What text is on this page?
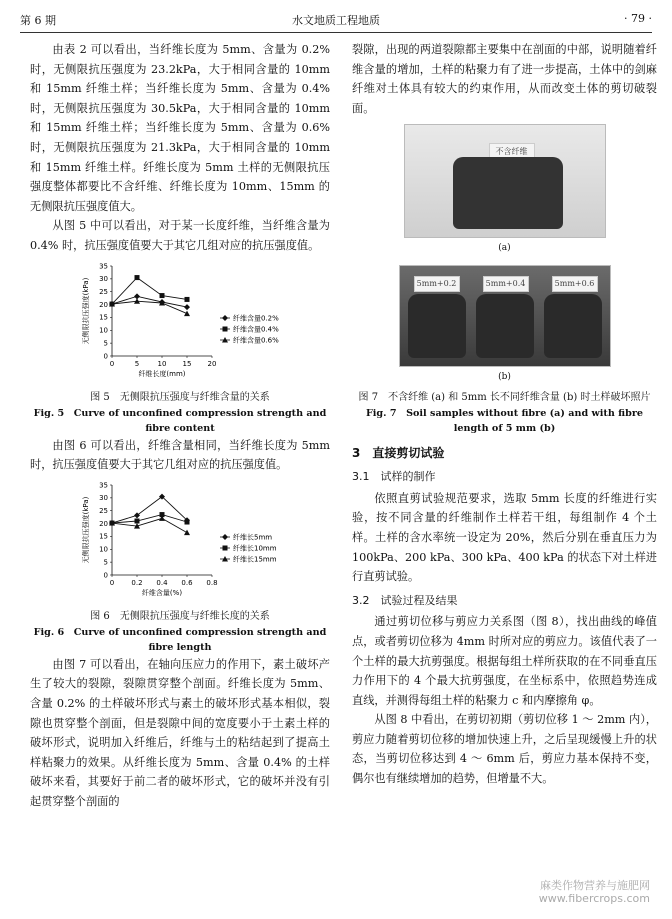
第 6 期	水文地质工程地质	· 79 ·

由表 2 可以看出，当纤维长度为 5mm、含量为 0.2% 时，无侧限抗压强度为 23.2kPa，大于相同含量的 10mm 和 15mm 纤维土样；当纤维长度为 5mm、含量为 0.4% 时，无侧限抗压强度为 30.5kPa，大于相同含量的 10mm 和 15mm 纤维土样；当纤维长度为 5mm、含量为 0.6% 时，无侧限抗压强度为 21.3kPa，大于相同含量的 10mm 和 15mm 纤维土样。纤维长度为 5mm 土样的无侧限抗压强度整体都要比不含纤维、纤维长度为 10mm、15mm 的无侧限抗压强度值大。

从图 5 中可以看出，对于某一长度纤维，当纤维含量为 0.4% 时，抗压强度值要大于其它几组对应的抗压强度值。

0
5
10
15
20
25
30
35
0	5	10 15 20
纤维长度(mm)
无侧限抗压强度(kPa)	纤维含量0.2%
纤维含量0.4%
纤维含量0.6%
图 5　无侧限抗压强度与纤维含量的关系
Fig. 5　Curve of unconfined compression strength and fibre content

由图 6 可以看出，纤维含量相同，当纤维长度为 5mm 时，抗压强度值要大于其它几组对应的抗压强度值。

0
5
10
15
20
25
30
35
0 0.2 0.4 0.6 0.8
纤维含量(%)
无侧限抗压强度(kPa)	纤维长5mm
纤维长10mm
纤维长15mm
图 6　无侧限抗压强度与纤维长度的关系
Fig. 6　Curve of unconfined compression strength and fibre length

由图 7 可以看出，在轴向压应力的作用下，素土破坏产生了较大的裂隙，裂隙贯穿整个剖面。纤维长度为 5mm、含量 0.2% 的土样破坏形式与素土的破坏形式基本相似，裂隙也贯穿整个剖面，但是裂隙中间的宽度要小于土素土样的破坏形式，说明加入纤维后，纤维与土的粘结起到了提高土样粘聚力的效果。从纤维长度为 5mm、含量 0.4% 的土样破坏来看，其要好于前二者的破坏形式，它的破坏并没有引起贯穿整个剖面的

裂隙，出现的两道裂隙都主要集中在剖面的中部，说明随着纤维含量的增加，土样的粘聚力有了进一步提高，土体中的剑麻纤维对土体具有较大的约束作用，从而改变土体的剪切破裂面。

不含纤维
(a)
5mm+0.2	5mm+0.4	5mm+0.6
(b)
图 7　不含纤维 (a) 和 5mm 长不同纤维含量 (b) 时土样破坏照片
Fig. 7　Soil samples without fibre (a) and with fibre length of 5 mm (b)
3　直接剪切试验
3.1　试样的制作

依照直剪试验规范要求，选取 5mm 长度的纤维进行实验，按不同含量的纤维制作土样若干组，每组制作 4 个土样。土样的含水率统一设定为 20%，然后分别在垂直压力为 100kPa、200 kPa、300 kPa、400 kPa 的状态下对土样进行直剪试验。

3.2　试验过程及结果

通过剪切位移与剪应力关系图（图 8），找出曲线的峰值点，或者剪切位移为 4mm 时所对应的剪应力。该值代表了一个土样的最大抗剪强度。根据每组土样所获取的在不同垂直压力作用下的 4 个最大抗剪强度，在坐标系中，依照趋势连成直线，并测得每组土样的粘聚力 c 和内摩擦角 φ。

从图 8 中看出，在剪切初期（剪切位移 1 ～ 2mm 内），剪应力随着剪切位移的增加快速上升，之后呈现缓慢上升的状态，当剪切位移达到 4 ～ 6mm 后，剪应力基本保持不变，偶尔也有继续增加的趋势，但增量不大。

麻类作物营养与施肥网
www.fibercrops.com
